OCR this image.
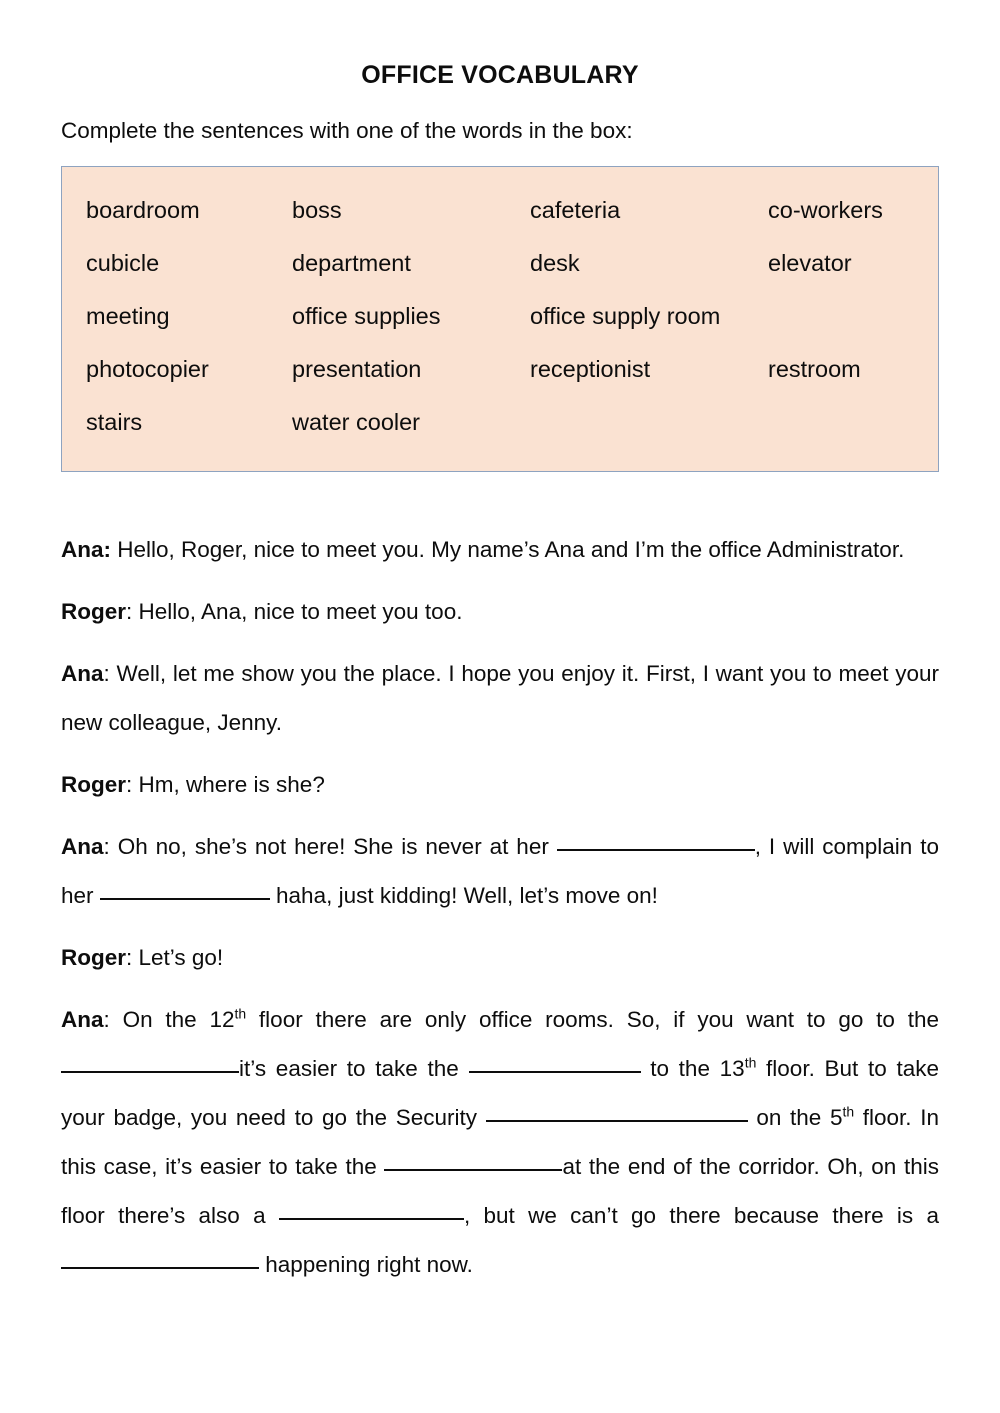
OFFICE VOCABULARY

Complete the sentences with one of the words in the box:

boardroom	boss	cafeteria	co-workers
cubicle	department	desk	elevator
meeting	office supplies	office supply room
photocopier	presentation	receptionist	restroom
stairs	water cooler

Ana: Hello, Roger, nice to meet you. My name’s Ana and I’m the office Administrator.

Roger: Hello, Ana, nice to meet you too.

Ana: Well, let me show you the place. I hope you enjoy it. First, I want you to meet your new colleague, Jenny.

Roger: Hm, where is she?

Ana: Oh no, she’s not here! She is never at her	, I will complain to her	haha, just kidding! Well, let’s move on!

Roger: Let’s go!

Ana: On the 12th floor there are only office rooms. So, if you want to go to the it’s easier to take the	to the 13th floor. But to take your badge, you need to go the Security	on the 5th floor. In this case, it’s easier to take the	at the end of the corridor. Oh, on this floor there’s also a	, but we can’t go there because there is a  happening right now.
